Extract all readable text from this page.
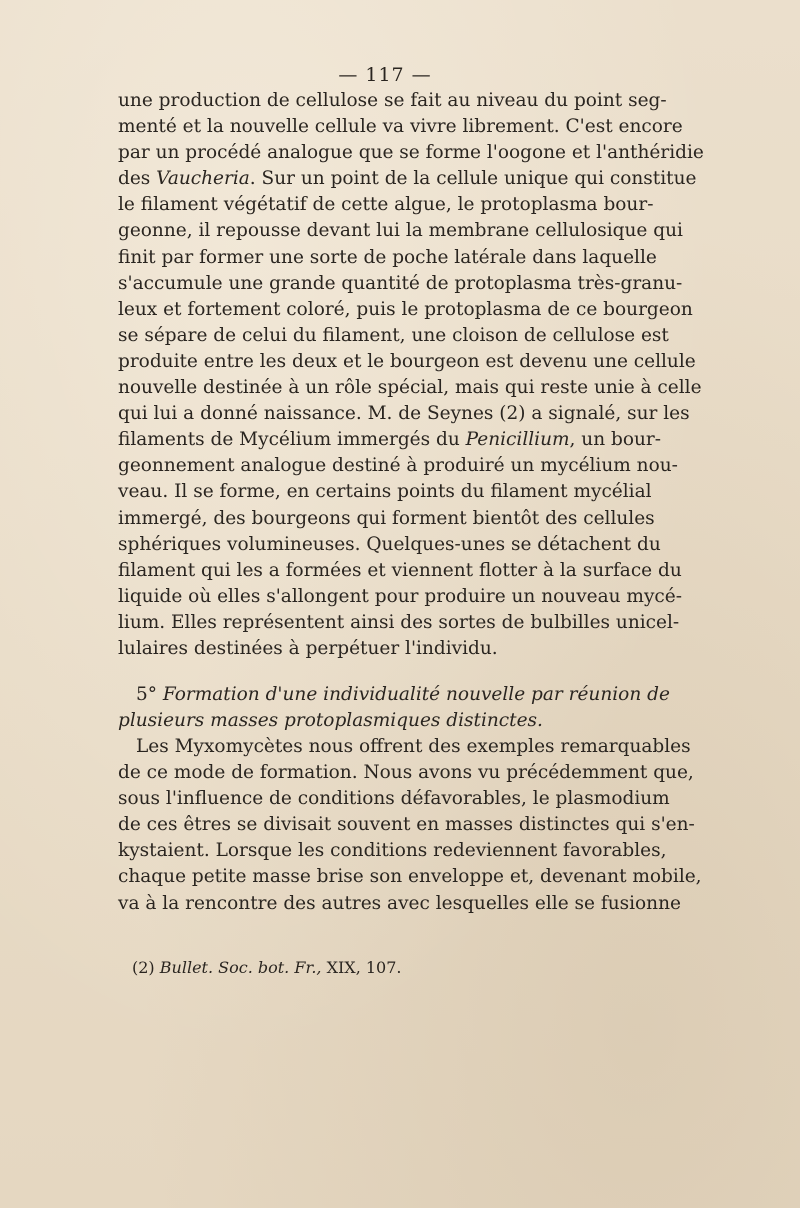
— 117 —
une production de cellulose se fait au niveau du point seg-
menté et la nouvelle cellule va vivre librement. C'est encore
par un procédé analogue que se forme l'oogone et l'anthéridie
des Vaucheria. Sur un point de la cellule unique qui constitue
le filament végétatif de cette algue, le protoplasma bour-
geonne, il repousse devant lui la membrane cellulosique qui
finit par former une sorte de poche latérale dans laquelle
s'accumule une grande quantité de protoplasma très-granu-
leux et fortement coloré, puis le protoplasma de ce bourgeon
se sépare de celui du filament, une cloison de cellulose est
produite entre les deux et le bourgeon est devenu une cellule
nouvelle destinée à un rôle spécial, mais qui reste unie à celle
qui lui a donné naissance. M. de Seynes (2) a signalé, sur les
filaments de Mycélium immergés du Penicillium, un bour-
geonnement analogue destiné à produiré un mycélium nou-
veau. Il se forme, en certains points du filament mycélial
immergé, des bourgeons qui forment bientôt des cellules
sphériques volumineuses. Quelques-unes se détachent du
filament qui les a formées et viennent flotter à la surface du
liquide où elles s'allongent pour produire un nouveau mycé-
lium. Elles représentent ainsi des sortes de bulbilles unicel-
lulaires destinées à perpétuer l'individu.
5° Formation d'une individualité nouvelle par réunion de
plusieurs masses protoplasmiques distinctes.
Les Myxomycètes nous offrent des exemples remarquables
de ce mode de formation. Nous avons vu précédemment que,
sous l'influence de conditions défavorables, le plasmodium
de ces êtres se divisait souvent en masses distinctes qui s'en-
kystaient. Lorsque les conditions redeviennent favorables,
chaque petite masse brise son enveloppe et, devenant mobile,
va à la rencontre des autres avec lesquelles elle se fusionne
(2) Bullet. Soc. bot. Fr., XIX, 107.
